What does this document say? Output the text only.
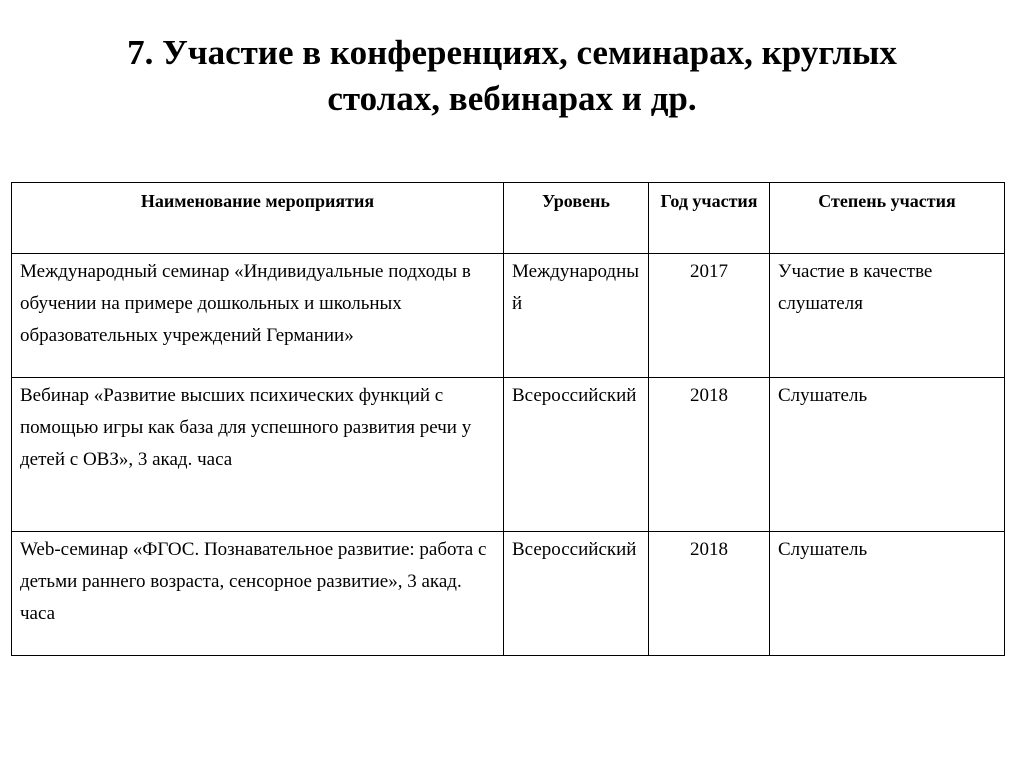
7. Участие в конференциях, семинарах, круглых
столах, вебинарах и др.
Наименование мероприятия	Уровень	Год участия	Степень участия
Международный семинар «Индивидуальные подходы в обучении на примере дошкольных и школьных образовательных учреждений Германии»	Международный	2017	Участие в качестве слушателя
Вебинар «Развитие высших психических функций с помощью игры как база для успешного развития речи у детей с ОВЗ», 3 акад. часа	Всероссийский	2018	Слушатель
Web-семинар «ФГОС. Познавательное развитие: работа с детьми раннего возраста, сенсорное развитие», 3 акад. часа	Всероссийский	2018	Слушатель
